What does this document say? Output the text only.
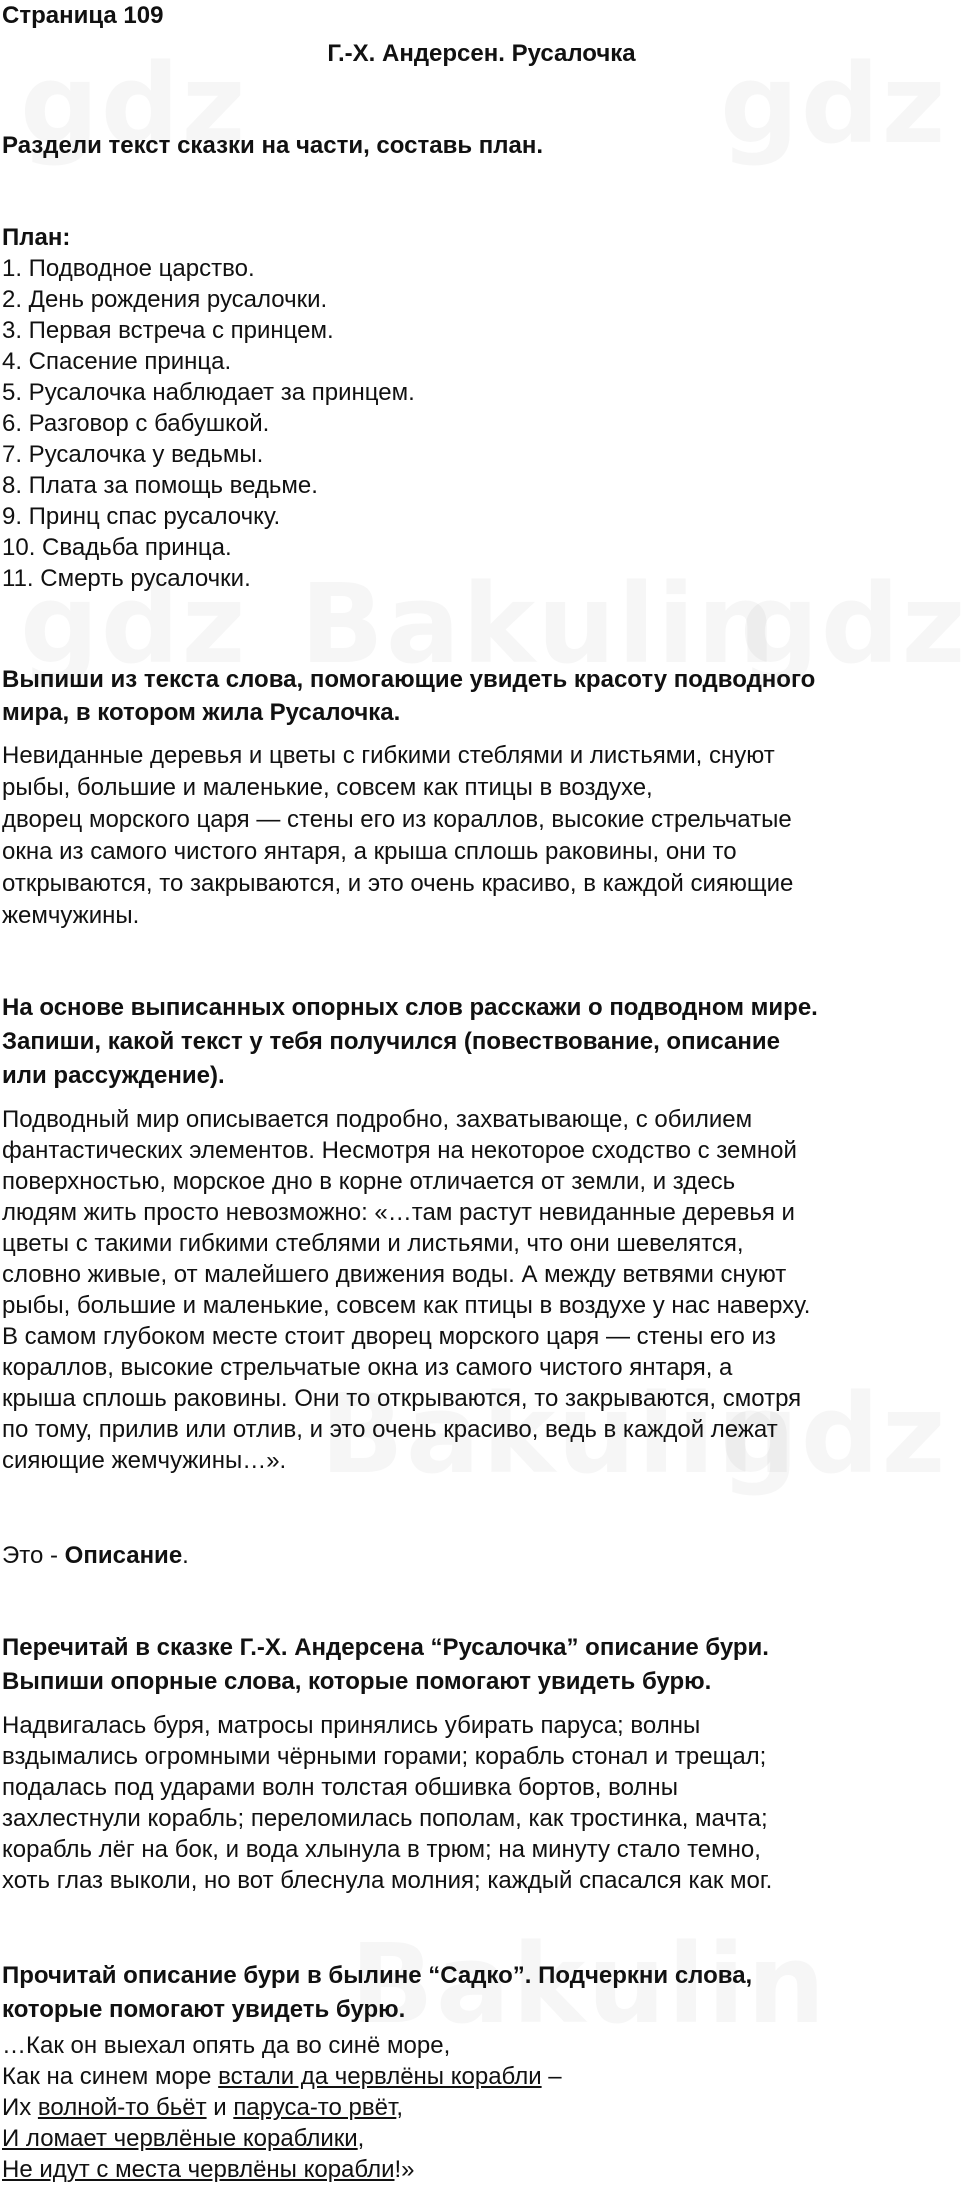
Страница 109
Г.-Х. Андерсен. Русалочка
Раздели текст сказки на части, составь план.
План:
1. Подводное царство.
2. День рождения русалочки.
3. Первая встреча с принцем.
4. Спасение принца.
5. Русалочка наблюдает за принцем.
6. Разговор с бабушкой.
7. Русалочка у ведьмы.
8. Плата за помощь ведьме.
9. Принц спас русалочку.
10. Свадьба принца.
11. Смерть русалочки.
Выпиши из текста слова, помогающие увидеть красоту подводного
мира, в котором жила Русалочка.
Невиданные деревья и цветы с гибкими стеблями и листьями, снуют
рыбы, большие и маленькие, совсем как птицы в воздухе,
дворец морского царя — стены его из кораллов, высокие стрельчатые
окна из самого чистого янтаря, а крыша сплошь раковины, они то
открываются, то закрываются, и это очень красиво, в каждой сияющие
жемчужины.
На основе выписанных опорных слов расскажи о подводном мире.
Запиши, какой текст у тебя получился (повествование, описание
или рассуждение).
Подводный мир описывается подробно, захватывающе, с обилием
фантастических элементов. Несмотря на некоторое сходство с земной
поверхностью, морское дно в корне отличается от земли, и здесь
людям жить просто невозможно: «…там растут невиданные деревья и
цветы с такими гибкими стеблями и листьями, что они шевелятся,
словно живые, от малейшего движения воды. А между ветвями снуют
рыбы, большие и маленькие, совсем как птицы в воздухе у нас наверху.
В самом глубоком месте стоит дворец морского царя — стены его из
кораллов, высокие стрельчатые окна из самого чистого янтаря, а
крыша сплошь раковины. Они то открываются, то закрываются, смотря
по тому, прилив или отлив, и это очень красиво, ведь в каждой лежат
сияющие жемчужины…».
Это - Описание.
Перечитай в сказке Г.-Х. Андерсена “Русалочка” описание бури.
Выпиши опорные слова, которые помогают увидеть бурю.
Надвигалась буря, матросы принялись убирать паруса; волны
вздымались огромными чёрными горами; корабль стонал и трещал;
подалась под ударами волн толстая обшивка бортов, волны
захлестнули корабль; переломилась пополам, как тростинка, мачта;
корабль лёг на бок, и вода хлынула в трюм; на минуту стало темно,
хоть глаз выколи, но вот блеснула молния; каждый спасался как мог.
Прочитай описание бури в былине “Садко”. Подчеркни слова,
которые помогают увидеть бурю.
…Как он выехал опять да во синё море,
Как на синем море встали да червлёны корабли –
Их волной-то бьёт и паруса-то рвёт,
И ломает червлёные кораблики,
Не идут с места червлёны корабли!»
